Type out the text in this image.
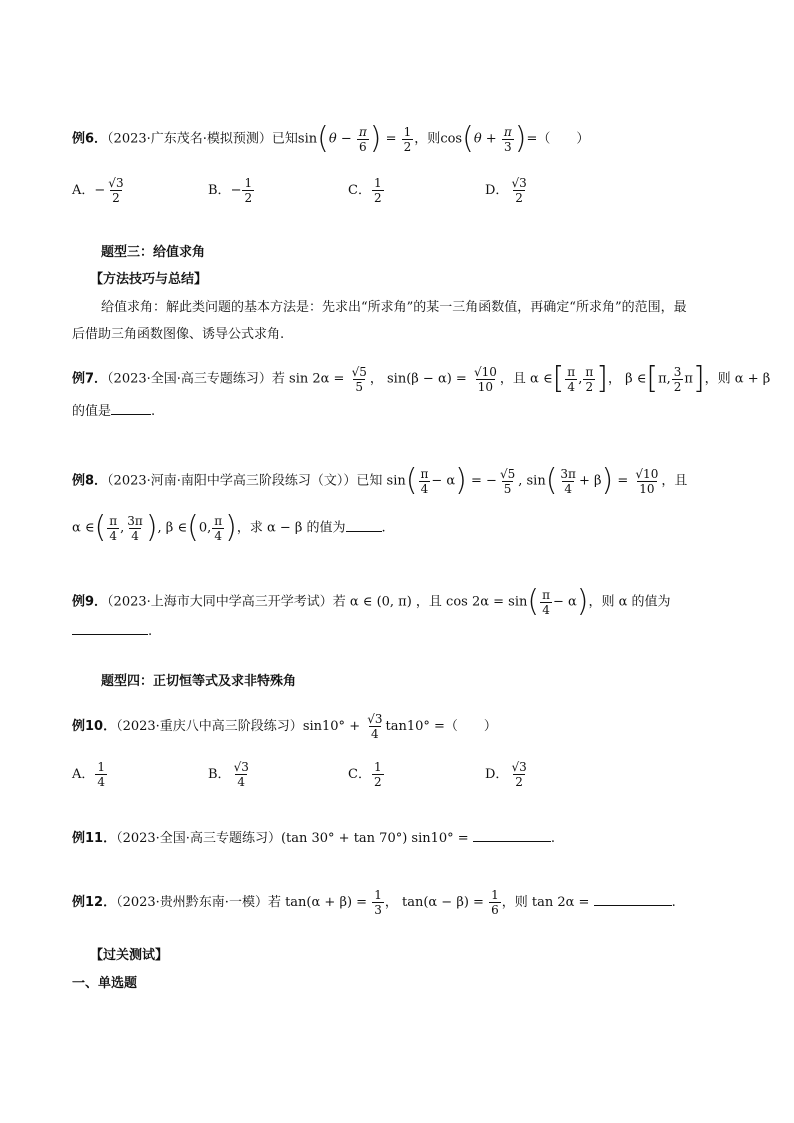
例6．（2023·广东茂名·模拟预测）已知$\sin(\theta - \frac{\pi}{6}$ ) = $\frac{1}{2}$ ，则$\cos(\theta + \frac{\pi}{3}$ )=（　　）
A．− $\frac{√3}{2}$	B．− $\frac{1}{2}$	C． $\frac{1}{2}$	D． $\frac{√3}{2}$
题型三：给值求角
【方法技巧与总结】
给值求角：解此类问题的基本方法是：先求出“所求角”的某一三角函数值，再确定“所求角”的范围，最
后借助三角函数图像、诱导公式求角.
例7．（2023·全国·高三专题练习）若 $\sin 2\alpha = \frac{√5}{5}$ ， $\sin(\beta - \alpha) = \frac{√10}{10}$ ，且 α ∈[ $\frac{\pi}{4}$ , $\frac{\pi}{2}$ ]， β ∈[π, $\frac{3}{2} \pi$]，则 α + β
的值是	.
例8．（2023·河南·南阳中学高三阶段练习（文））已知 $\sin( \frac{\pi}{4} - \alpha)$ = − $\frac{√5}{5}$ , $\sin( \frac{3\pi}{4} + \beta) = \frac{√10}{10}$ ，且
α ∈( $\frac{\pi}{4}$ , $\frac{3\pi}{4}$ ), β ∈(0, $\frac{\pi}{4}$ )，求 α − β 的值为	.
例9．（2023·上海市大同中学高三开学考试）若 α ∈ (0, π) ，且 $\cos 2\alpha = \sin( \frac{\pi}{4} - \alpha)$，则 α 的值为
.
题型四：正切恒等式及求非特殊角
例10．（2023·重庆八中高三阶段练习）$\sin 10^\circ + \frac{√3}{4} \tan 10^\circ$ =（　　）
A． $\frac{1}{4}$	B． $\frac{√3}{4}$	C． $\frac{1}{2}$	D． $\frac{√3}{2}$
例11．（2023·全国·高三专题练习）(tan 30° + tan 70°) sin10° =	.
例12．（2023·贵州黔东南·一模）若 $\tan(\alpha + \beta) = \frac{1}{3}$ ， $\tan(\alpha - \beta) = \frac{1}{6}$ ，则 tan 2α =	.
【过关测试】
一、单选题
